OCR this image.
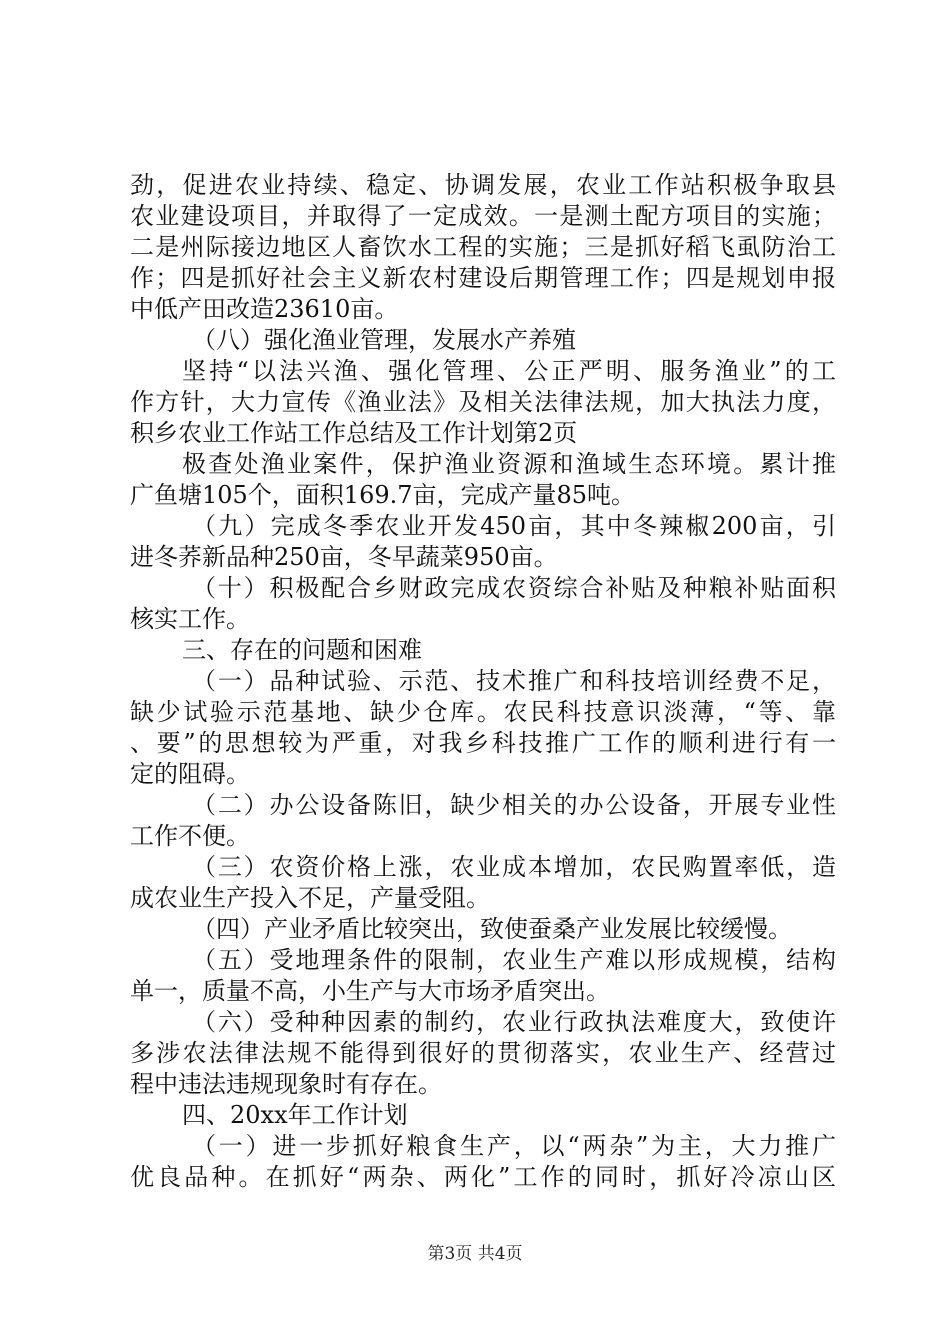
劲，促进农业持续、稳定、协调发展，农业工作站积极争取县
农业建设项目，并取得了一定成效。一是测土配方项目的实施；
二是州际接边地区人畜饮水工程的实施；三是抓好稻飞虱防治工
作；四是抓好社会主义新农村建设后期管理工作；四是规划申报
中低产田改造23610亩。
（八）强化渔业管理，发展水产养殖
坚持“以法兴渔、强化管理、公正严明、服务渔业”的工
作方针，大力宣传《渔业法》及相关法律法规，加大执法力度，
积乡农业工作站工作总结及工作计划第2页
极查处渔业案件，保护渔业资源和渔域生态环境。累计推
广鱼塘105个，面积169.7亩，完成产量85吨。
（九）完成冬季农业开发450亩，其中冬辣椒200亩，引
进冬荞新品种250亩，冬早蔬菜950亩。
（十）积极配合乡财政完成农资综合补贴及种粮补贴面积
核实工作。
三、存在的问题和困难
（一）品种试验、示范、技术推广和科技培训经费不足，
缺少试验示范基地、缺少仓库。农民科技意识淡薄，“等、靠
、要”的思想较为严重，对我乡科技推广工作的顺利进行有一
定的阻碍。
（二）办公设备陈旧，缺少相关的办公设备，开展专业性
工作不便。
（三）农资价格上涨，农业成本增加，农民购置率低，造
成农业生产投入不足，产量受阻。
（四）产业矛盾比较突出，致使蚕桑产业发展比较缓慢。
（五）受地理条件的限制，农业生产难以形成规模，结构
单一，质量不高，小生产与大市场矛盾突出。
（六）受种种因素的制约，农业行政执法难度大，致使许
多涉农法律法规不能得到很好的贯彻落实，农业生产、经营过
程中违法违规现象时有存在。
四、20xx年工作计划
（一）进一步抓好粮食生产，以“两杂”为主，大力推广
优良品种。在抓好“两杂、两化”工作的同时，抓好冷凉山区
第3页 共4页
